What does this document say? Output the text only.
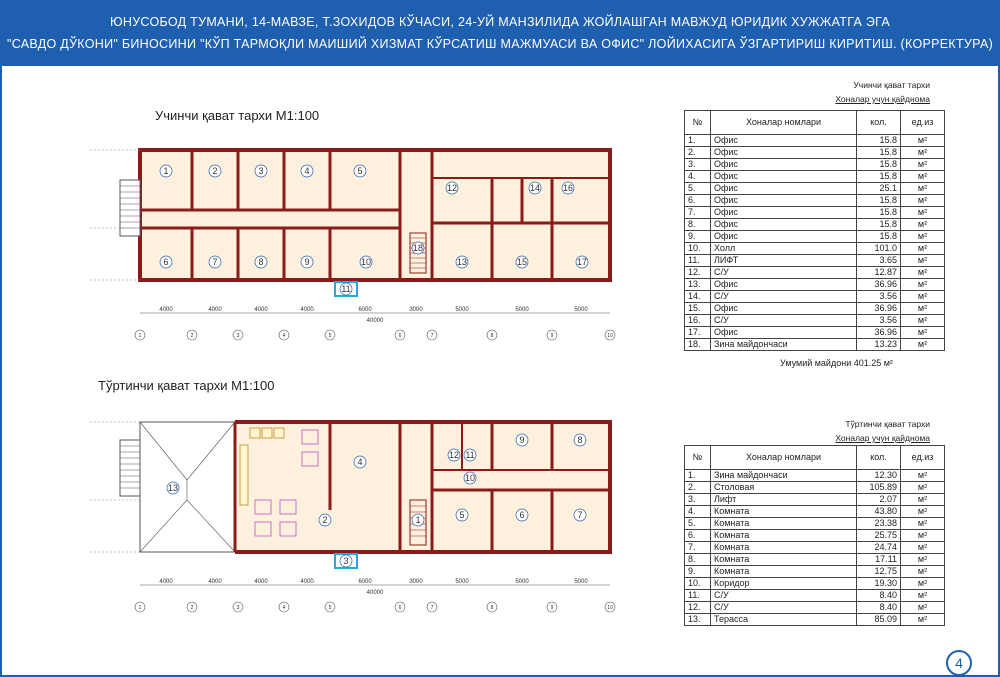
ЮНУСОБОД ТУМАНИ, 14-МАВЗЕ, Т.ЗОХИДОВ КЎЧАСИ, 24-УЙ МАНЗИЛИДА ЖОЙЛАШГАН МАВЖУД ЮРИДИК ХУЖЖАТГА ЭГА
"САВДО ДЎКОНИ" БИНОСИНИ "КЎП ТАРМОҚЛИ МАИШИЙ ХИЗМАТ КЎРСАТИШ МАЖМУАСИ ВА ОФИС" ЛОЙИХАСИГА ЎЗГАРТИРИШ КИРИТИШ. (КОРРЕКТУРА)
Учинчи қават тархи М1:100
1	2	3	4	5
6	7	8	9	10
11
12
13
14
15
16
17
18
4000	4000	4000	4000	6000	3000	5000	5000	5000
40000
1	2	3	4	5	6	7	8	9	10
Тўртинчи қават тархи М1:100
1
2
3
4
5	6	7
8
9
10
11
12
13
4000	4000	4000	4000	6000	3000	5000	5000	5000
40000
1	2	3	4	5	6	7	8	9	10
Учинчи қават тархи
Хоналар учун қайдномa
№	Хоналар номлари	кол.	ед.из
1.	Офис	15.8	м²
2.	Офис	15.8	м²
3.	Офис	15.8	м²
4.	Офис	15.8	м²
5.	Офис	25.1	м²
6.	Офис	15.8	м²
7.	Офис	15.8	м²
8.	Офис	15.8	м²
9.	Офис	15.8	м²
10.	Холл	101.0	м²
11.	ЛИФТ	3.65	м²
12.	С/У	12.87	м²
13.	Офис	36.96	м²
14.	С/У	3.56	м²
15.	Офис	36.96	м²
16.	С/У	3.56	м²
17.	Офис	36.96	м²
18.	Зина майдончаси	13.23	м²
Умумий майдони 401.25 м²
Тўртинчи қават тархи
Хоналар учун қайдномa
№	Хоналар номлари	кол.	ед.из
1.	Зина майдончаси	12.30	м²
2.	Столовая	105.89	м²
3.	Лифт	2.07	м²
4.	Комната	43.80	м²
5.	Комната	23.38	м²
6.	Комната	25.75	м²
7.	Комната	24.74	м²
8.	Комната	17.11	м²
9.	Комната	12.75	м²
10.	Коридор	19.30	м²
11.	С/У	8.40	м²
12.	С/У	8.40	м²
13.	Терасса	85.09	м²
4
